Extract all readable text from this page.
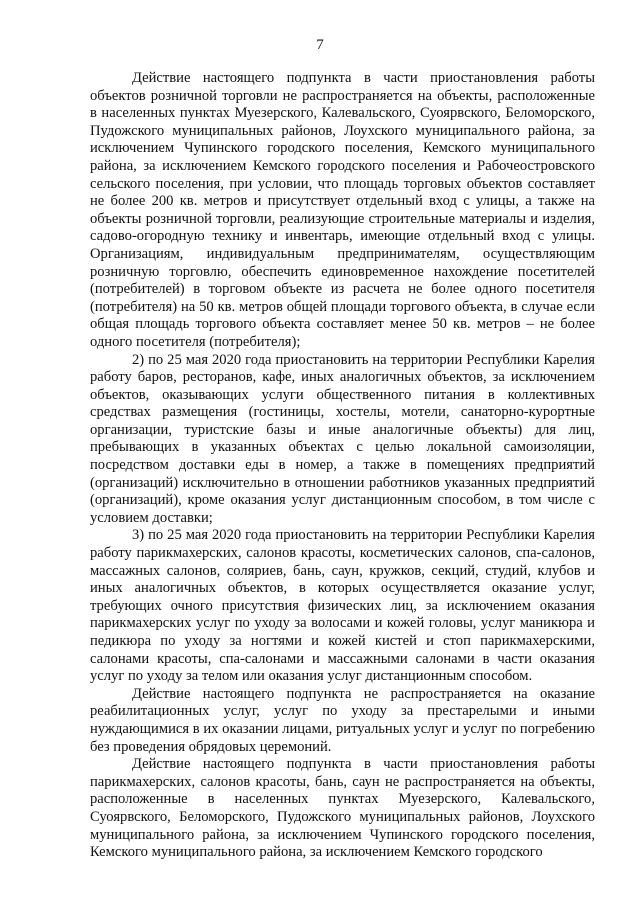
7

Действие настоящего подпункта в части приостановления работы объектов розничной торговли не распространяется на объекты, расположенные в населенных пунктах Муезерского, Калевальского, Суоярвского, Беломорского, Пудожского муниципальных районов, Лоухского муниципального района, за исключением Чупинского городского поселения, Кемского муниципального района, за исключением Кемского городского поселения и Рабочеостровского сельского поселения, при условии, что площадь торговых объектов составляет не более 200 кв. метров и присутствует отдельный вход с улицы, а также на объекты розничной торговли, реализующие строительные материалы и изделия, садово-огородную технику и инвентарь, имеющие отдельный вход с улицы. Организациям, индивидуальным предпринимателям, осуществляющим розничную торговлю, обеспечить единовременное нахождение посетителей (потребителей) в торговом объекте из расчета не более одного посетителя (потребителя) на 50 кв. метров общей площади торгового объекта, в случае если общая площадь торгового объекта составляет менее 50 кв. метров – не более одного посетителя (потребителя);

2) по 25 мая 2020 года приостановить на территории Республики Карелия работу баров, ресторанов, кафе, иных аналогичных объектов, за исключением объектов, оказывающих услуги общественного питания в коллективных средствах размещения (гостиницы, хостелы, мотели, санаторно-курортные организации, туристские базы и иные аналогичные объекты) для лиц, пребывающих в указанных объектах с целью локальной самоизоляции, посредством доставки еды в номер, а также в помещениях предприятий (организаций) исключительно в отношении работников указанных предприятий (организаций), кроме оказания услуг дистанционным способом, в том числе с условием доставки;

3) по 25 мая 2020 года приостановить на территории Республики Карелия работу парикмахерских, салонов красоты, косметических салонов, спа-салонов, массажных салонов, соляриев, бань, саун, кружков, секций, студий, клубов и иных аналогичных объектов, в которых осуществляется оказание услуг, требующих очного присутствия физических лиц, за исключением оказания парикмахерских услуг по уходу за волосами и кожей головы, услуг маникюра и педикюра по уходу за ногтями и кожей кистей и стоп парикмахерскими, салонами красоты, спа-салонами и массажными салонами в части оказания услуг по уходу за телом или оказания услуг дистанционным способом.

Действие настоящего подпункта не распространяется на оказание реабилитационных услуг, услуг по уходу за престарелыми и иными нуждающимися в их оказании лицами, ритуальных услуг и услуг по погребению без проведения обрядовых церемоний.

Действие настоящего подпункта в части приостановления работы парикмахерских, салонов красоты, бань, саун не распространяется на объекты, расположенные в населенных пунктах Муезерского, Калевальского, Суоярвского, Беломорского, Пудожского муниципальных районов, Лоухского муниципального района, за исключением Чупинского городского поселения, Кемского муниципального района, за исключением Кемского городского
